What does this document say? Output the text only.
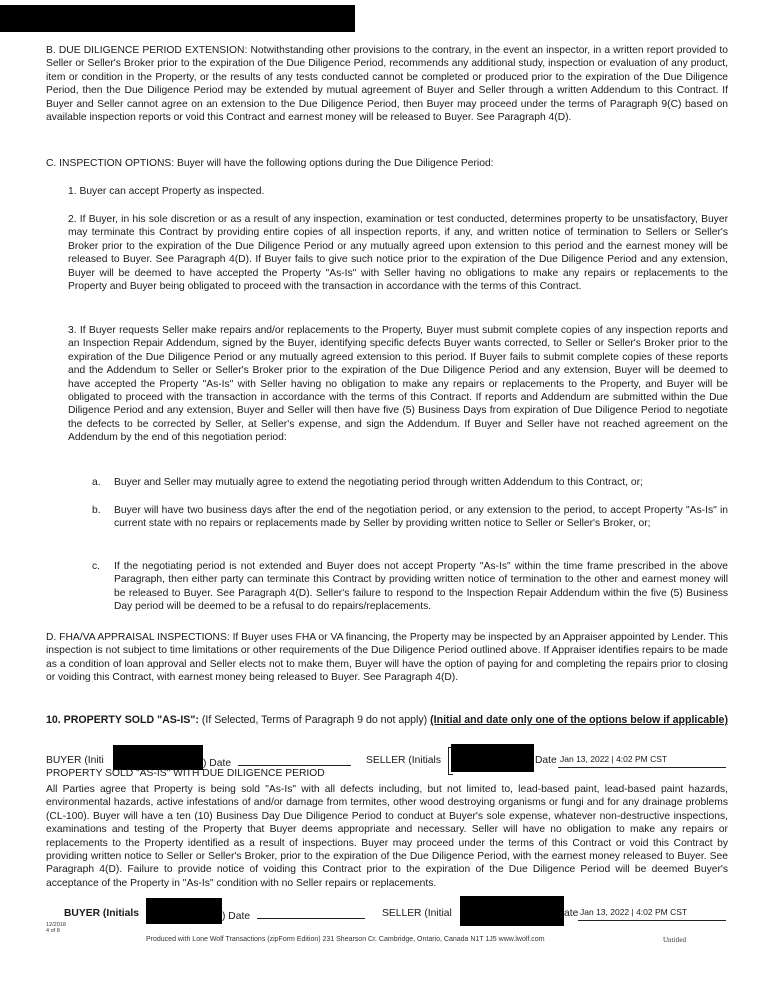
B. DUE DILIGENCE PERIOD EXTENSION: Notwithstanding other provisions to the contrary, in the event an inspector, in a written report provided to Seller or Seller's Broker prior to the expiration of the Due Diligence Period, recommends any additional study, inspection or evaluation of any product, item or condition in the Property, or the results of any tests conducted cannot be completed or produced prior to the expiration of the Due Diligence Period, then the Due Diligence Period may be extended by mutual agreement of Buyer and Seller through a written Addendum to this Contract. If Buyer and Seller cannot agree on an extension to the Due Diligence Period, then Buyer may proceed under the terms of Paragraph 9(C) based on available inspection reports or void this Contract and earnest money will be released to Buyer. See Paragraph 4(D).

C. INSPECTION OPTIONS: Buyer will have the following options during the Due Diligence Period:

1. Buyer can accept Property as inspected.

2. If Buyer, in his sole discretion or as a result of any inspection, examination or test conducted, determines property to be unsatisfactory, Buyer may terminate this Contract by providing entire copies of all inspection reports, if any, and written notice of termination to Sellers or Seller's Broker prior to the expiration of the Due Diligence Period or any mutually agreed upon extension to this period and the earnest money will be released to Buyer. See Paragraph 4(D). If Buyer fails to give such notice prior to the expiration of the Due Diligence Period and any extension, Buyer will be deemed to have accepted the Property "As-Is" with Seller having no obligations to make any repairs or replacements to the Property and Buyer being obligated to proceed with the transaction in accordance with the terms of this Contract.

3. If Buyer requests Seller make repairs and/or replacements to the Property, Buyer must submit complete copies of any inspection reports and an Inspection Repair Addendum, signed by the Buyer, identifying specific defects Buyer wants corrected, to Seller or Seller's Broker prior to the expiration of the Due Diligence Period or any mutually agreed extension to this period. If Buyer fails to submit complete copies of these reports and the Addendum to Seller or Seller's Broker prior to the expiration of the Due Diligence Period and any extension, Buyer will be deemed to have accepted the Property "As-Is" with Seller having no obligation to make any repairs or replacements to the Property, and Buyer will be obligated to proceed with the transaction in accordance with the terms of this Contract. If reports and Addendum are submitted within the Due Diligence Period and any extension, Buyer and Seller will then have five (5) Business Days from expiration of Due Diligence Period to negotiate the defects to be corrected by Seller, at Seller's expense, and sign the Addendum. If Buyer and Seller have not reached agreement on the Addendum by the end of this negotiation period:

a. Buyer and Seller may mutually agree to extend the negotiating period through written Addendum to this Contract, or;
b. Buyer will have two business days after the end of the negotiation period, or any extension to the period, to accept Property "As-Is" in current state with no repairs or replacements made by Seller by providing written notice to Seller or Seller's Broker, or;
c. If the negotiating period is not extended and Buyer does not accept Property "As-Is" within the time frame prescribed in the above Paragraph, then either party can terminate this Contract by providing written notice of termination to the other and earnest money will be released to Buyer. See Paragraph 4(D). Seller's failure to respond to the Inspection Repair Addendum within the five (5) Business Day period will be deemed to be a refusal to do repairs/replacements.

D. FHA/VA APPRAISAL INSPECTIONS: If Buyer uses FHA or VA financing, the Property may be inspected by an Appraiser appointed by Lender. This inspection is not subject to time limitations or other requirements of the Due Diligence Period outlined above. If Appraiser identifies repairs to be made as a condition of loan approval and Seller elects not to make them, Buyer will have the option of paying for and completing the repairs prior to closing or voiding this Contract, with earnest money being released to Buyer. See Paragraph 4(D).

10. PROPERTY SOLD "AS-IS": (If Selected, Terms of Paragraph 9 do not apply) (Initial and date only one of the options below if applicable)
BUYER (Initi	) Date	SELLER (Initials	Date Jan 13, 2022 | 4:02 PM CST
PROPERTY SOLD "AS-IS" WITH DUE DILIGENCE PERIOD

All Parties agree that Property is being sold "As-Is" with all defects including, but not limited to, lead-based paint, lead-based paint hazards, environmental hazards, active infestations of and/or damage from termites, other wood destroying organisms or fungi and for any drainage problems (CL-100). Buyer will have a ten (10) Business Day Due Diligence Period to conduct at Buyer's sole expense, whatever non-destructive inspections, examinations and testing of the Property that Buyer deems appropriate and necessary. Seller will have no obligation to make any repairs or replacements to the Property identified as a result of inspections. Buyer may proceed under the terms of this Contract or void this Contract by providing written notice to Seller or Seller's Broker, prior to the expiration of the Due Diligence Period, with the earnest money released to Buyer. See Paragraph 4(D). Failure to provide notice of voiding this Contract prior to the expiration of the Due Diligence Period will be deemed Buyer's acceptance of the Property in "As-Is" condition with no Seller repairs or replacements.

BUYER (Initials	) Date	SELLER (Initial	ate Jan 13, 2022 | 4:02 PM CST
12/2018
4 of 8
Produced with Lone Wolf Transactions (zipForm Edition) 231 Shearson Cr. Cambridge, Ontario, Canada N1T 1J5 www.lwolf.com	Untitled
